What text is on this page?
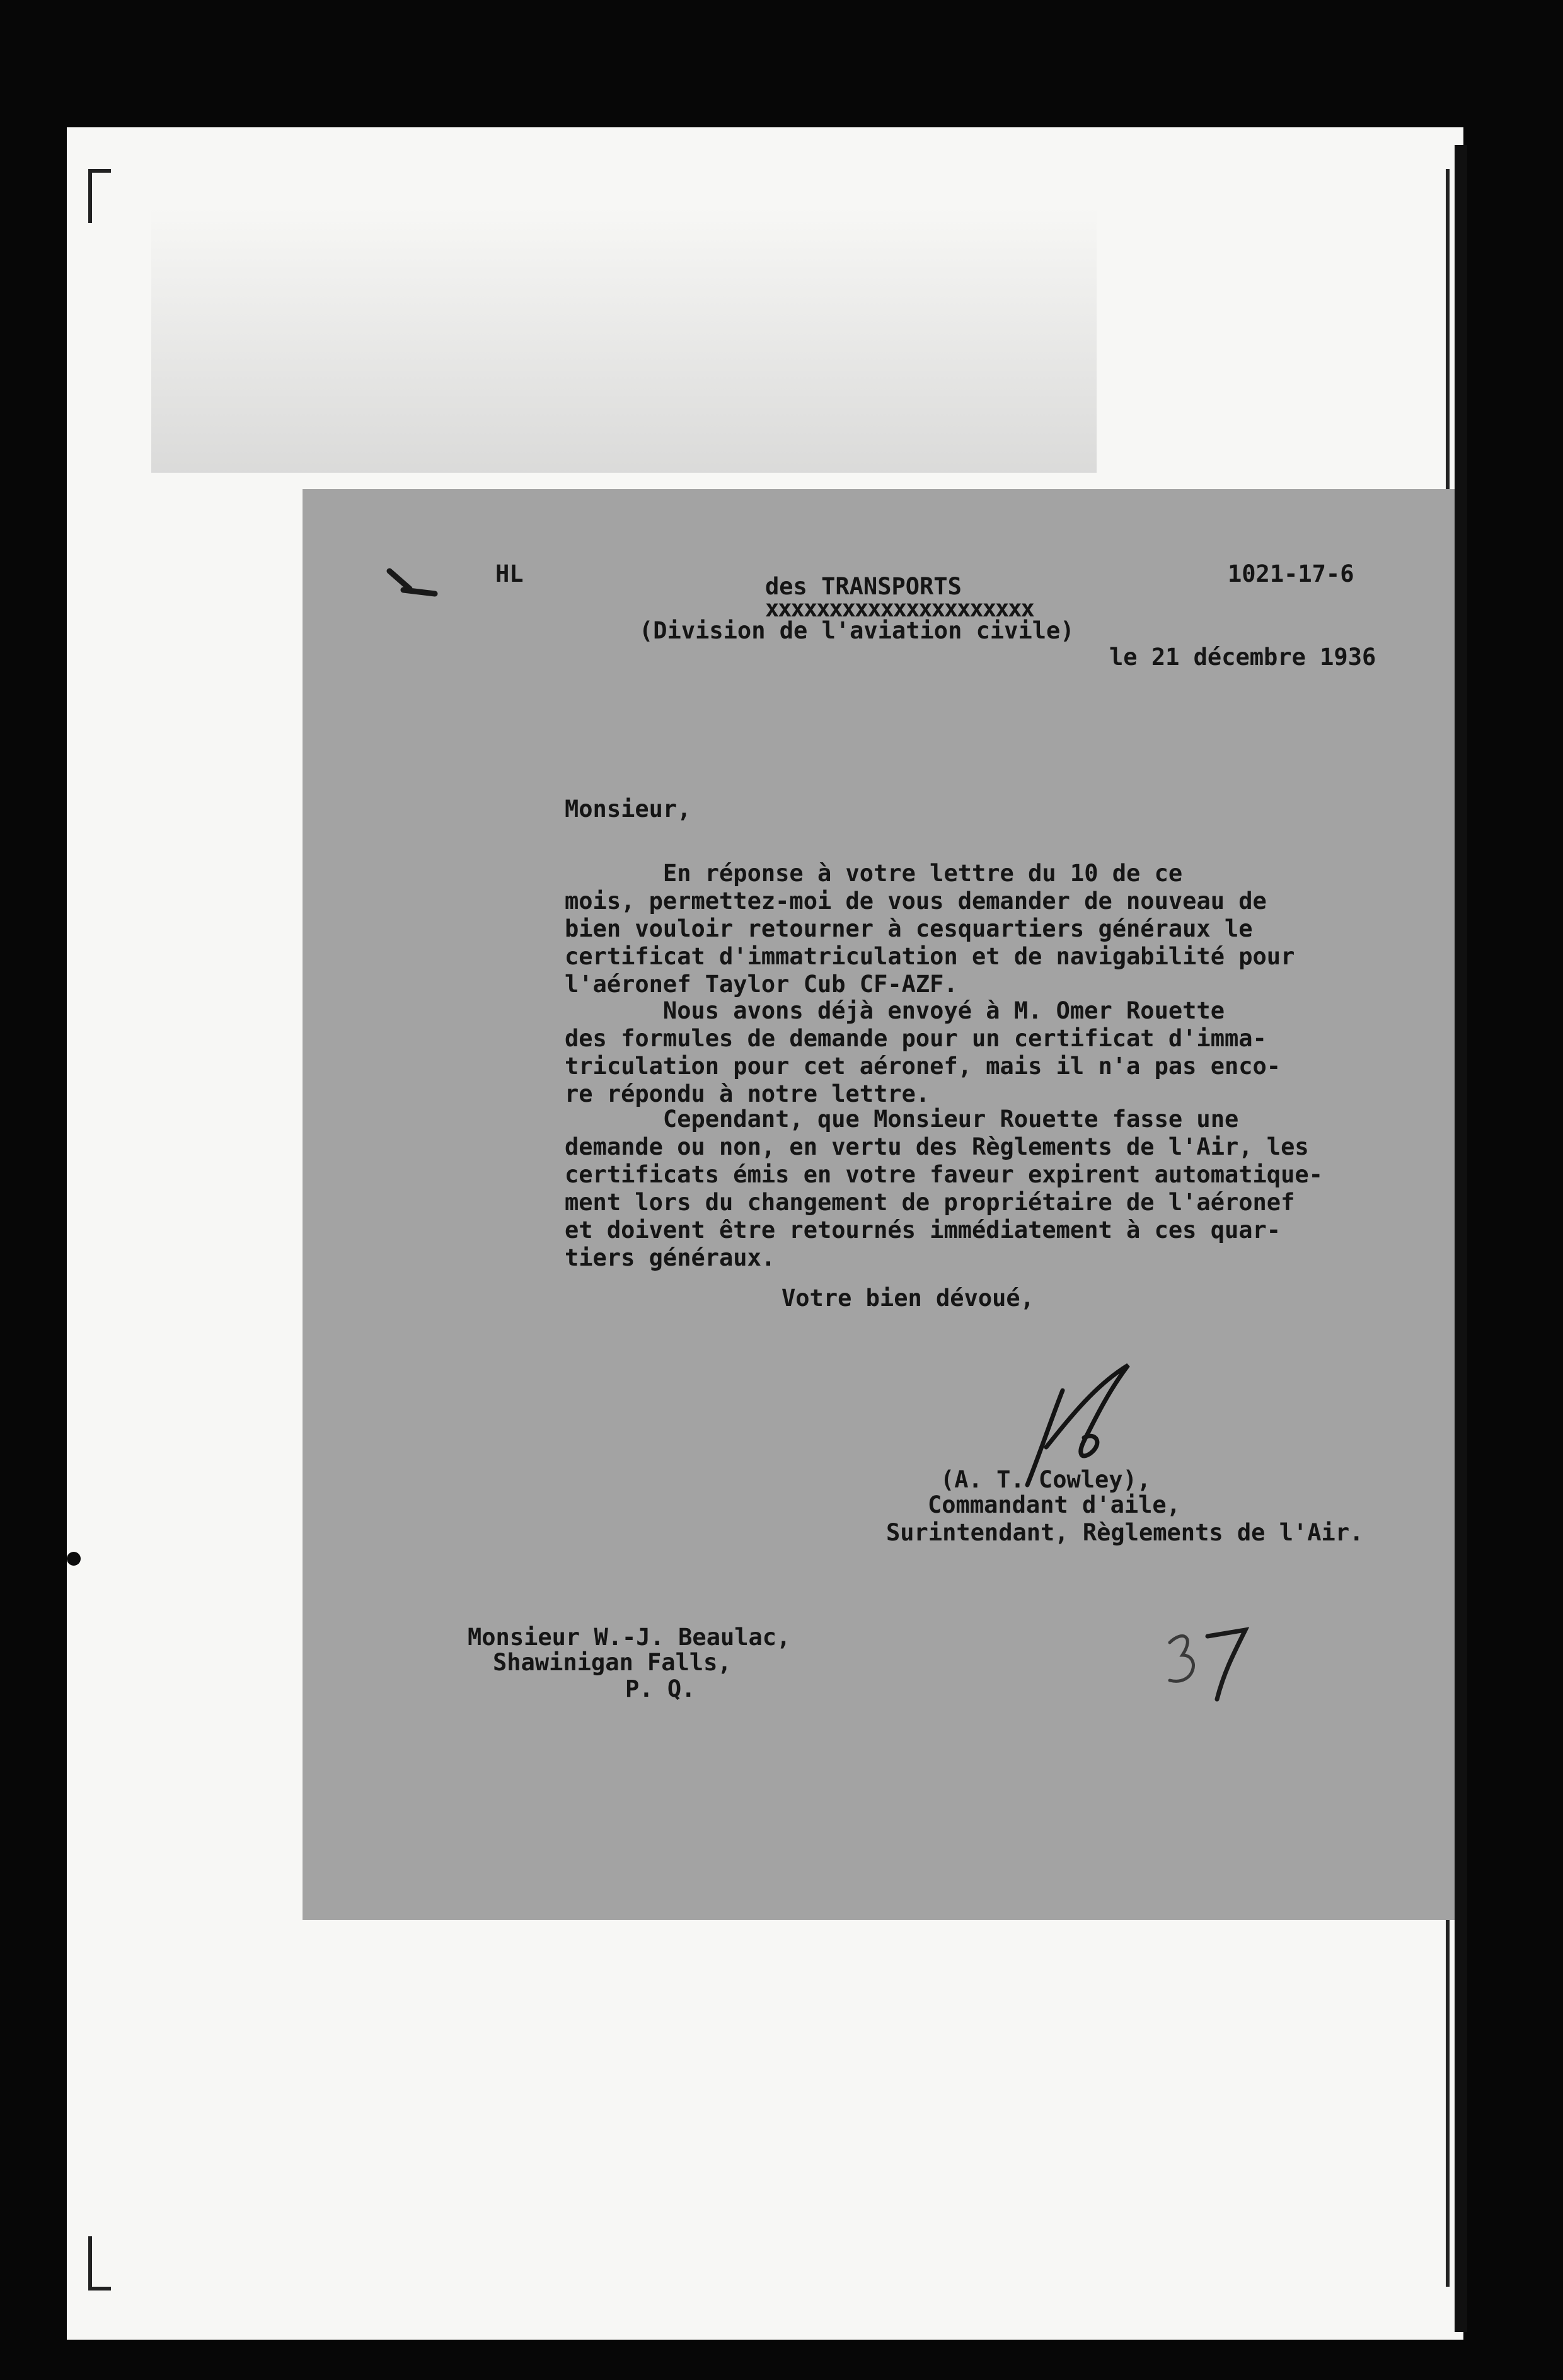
HL	1021-17-6
des TRANSPORTS
xxxxxxxxxxxxxxxxxxxxx
(Division de l'aviation civile)
le 21 décembre 1936
Monsieur,
En réponse à votre lettre du 10 de ce
mois, permettez-moi de vous demander de nouveau de
bien vouloir retourner à cesquartiers généraux le
certificat d'immatriculation et de navigabilité pour
l'aéronef Taylor Cub CF-AZF.
Nous avons déjà envoyé à M. Omer Rouette
des formules de demande pour un certificat d'imma-
triculation pour cet aéronef, mais il n'a pas enco-
re répondu à notre lettre.
Cependant, que Monsieur Rouette fasse une
demande ou non, en vertu des Règlements de l'Air, les
certificats émis en votre faveur expirent automatique-
ment lors du changement de propriétaire de l'aéronef
et doivent être retournés immédiatement à ces quar-
tiers généraux.
Votre bien dévoué,
(A. T. Cowley),
Commandant d'aile,
Surintendant, Règlements de l'Air.
Monsieur W.-J. Beaulac,
Shawinigan Falls,
P. Q.
